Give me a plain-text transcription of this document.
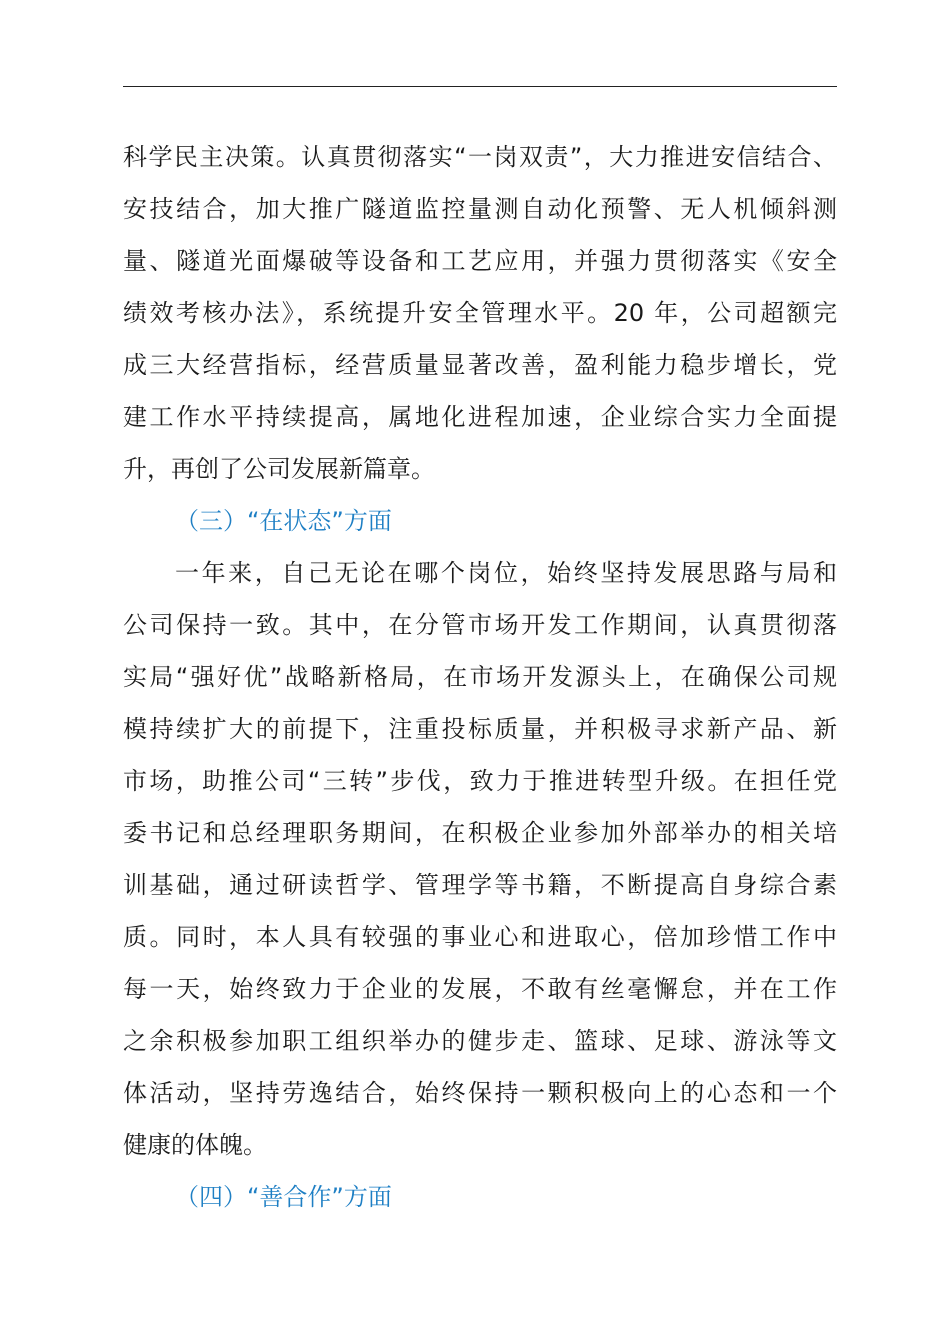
科学民主决策。认真贯彻落实“一岗双责”，大力推进安信结合、
安技结合，加大推广隧道监控量测自动化预警、无人机倾斜测
量、隧道光面爆破等设备和工艺应用，并强力贯彻落实《安全
绩效考核办法》，系统提升安全管理水平。20 年，公司超额完
成三大经营指标，经营质量显著改善，盈利能力稳步增长，党
建工作水平持续提高，属地化进程加速，企业综合实力全面提
升，再创了公司发展新篇章。
（三）“在状态”方面
一年来，自己无论在哪个岗位，始终坚持发展思路与局和
公司保持一致。其中，在分管市场开发工作期间，认真贯彻落
实局“强好优”战略新格局，在市场开发源头上，在确保公司规
模持续扩大的前提下，注重投标质量，并积极寻求新产品、新
市场，助推公司“三转”步伐，致力于推进转型升级。在担任党
委书记和总经理职务期间，在积极企业参加外部举办的相关培
训基础，通过研读哲学、管理学等书籍，不断提高自身综合素
质。同时，本人具有较强的事业心和进取心，倍加珍惜工作中
每一天，始终致力于企业的发展，不敢有丝毫懈怠，并在工作
之余积极参加职工组织举办的健步走、篮球、足球、游泳等文
体活动，坚持劳逸结合，始终保持一颗积极向上的心态和一个
健康的体魄。
（四）“善合作”方面
